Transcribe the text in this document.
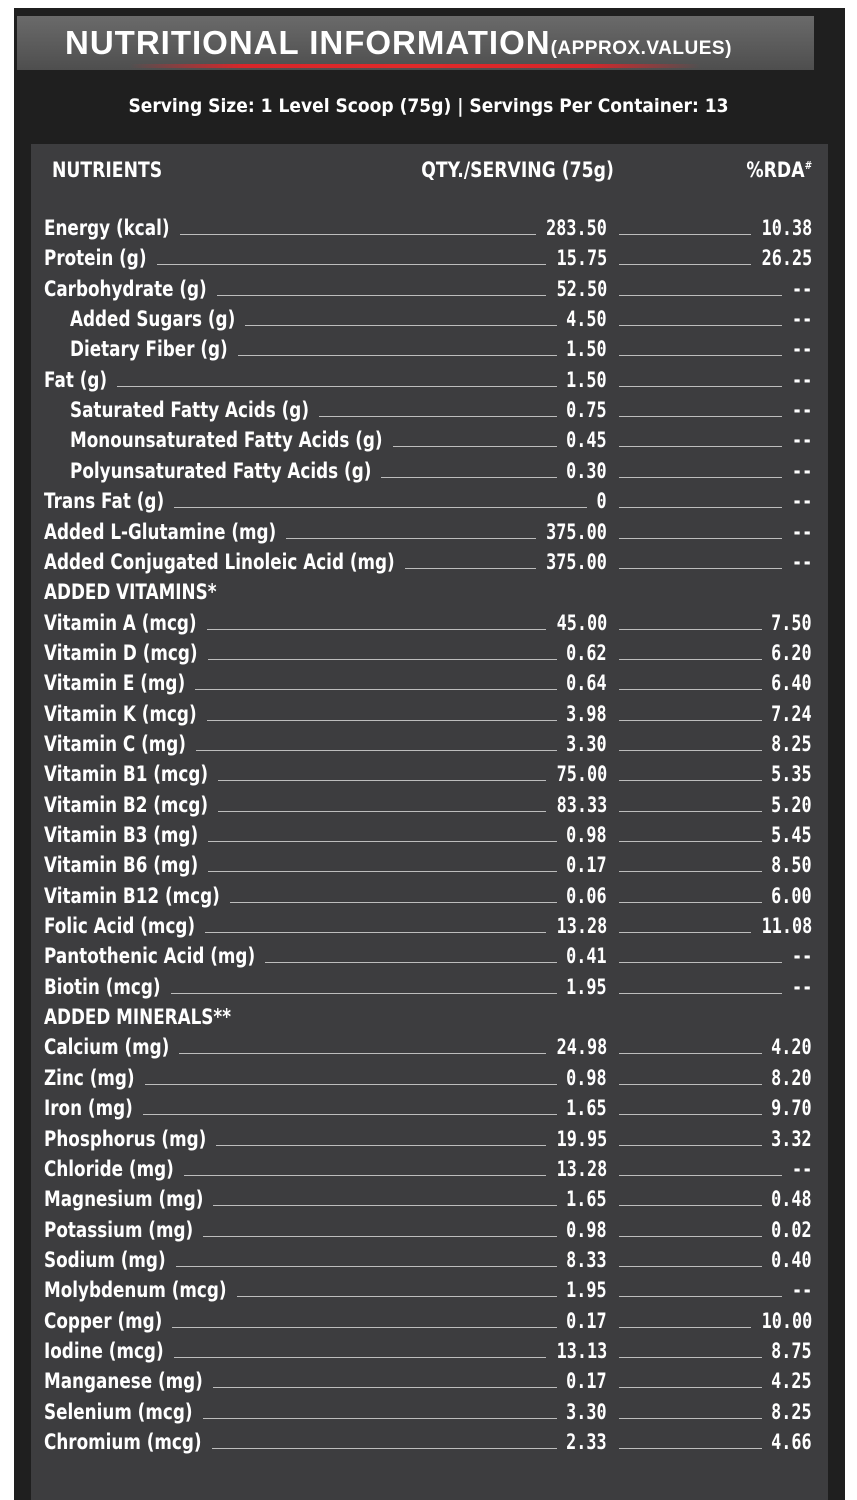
NUTRITIONAL INFORMATION(APPROX.VALUES)
Serving Size: 1 Level Scoop (75g) | Servings Per Container: 13
NUTRIENTS	QTY./SERVING (75g)	%RDA#
Energy (kcal)	283.50	10.38
Protein (g)	15.75	26.25
Carbohydrate (g)	52.50	--
Added Sugars (g)	4.50	--
Dietary Fiber (g)	1.50	--
Fat (g)	1.50	--
Saturated Fatty Acids (g)	0.75	--
Monounsaturated Fatty Acids (g)	0.45	--
Polyunsaturated Fatty Acids (g)	0.30	--
Trans Fat (g)	0	--
Added L-Glutamine (mg)	375.00	--
Added Conjugated Linoleic Acid (mg)	375.00	--
ADDED VITAMINS*
Vitamin A (mcg)	45.00	7.50
Vitamin D (mcg)	0.62	6.20
Vitamin E (mg)	0.64	6.40
Vitamin K (mcg)	3.98	7.24
Vitamin C (mg)	3.30	8.25
Vitamin B1 (mcg)	75.00	5.35
Vitamin B2 (mcg)	83.33	5.20
Vitamin B3 (mg)	0.98	5.45
Vitamin B6 (mg)	0.17	8.50
Vitamin B12 (mcg)	0.06	6.00
Folic Acid (mcg)	13.28	11.08
Pantothenic Acid (mg)	0.41	--
Biotin (mcg)	1.95	--
ADDED MINERALS**
Calcium (mg)	24.98	4.20
Zinc (mg)	0.98	8.20
Iron (mg)	1.65	9.70
Phosphorus (mg)	19.95	3.32
Chloride (mg)	13.28	--
Magnesium (mg)	1.65	0.48
Potassium (mg)	0.98	0.02
Sodium (mg)	8.33	0.40
Molybdenum (mcg)	1.95	--
Copper (mg)	0.17	10.00
Iodine (mcg)	13.13	8.75
Manganese (mg)	0.17	4.25
Selenium (mcg)	3.30	8.25
Chromium (mcg)	2.33	4.66
